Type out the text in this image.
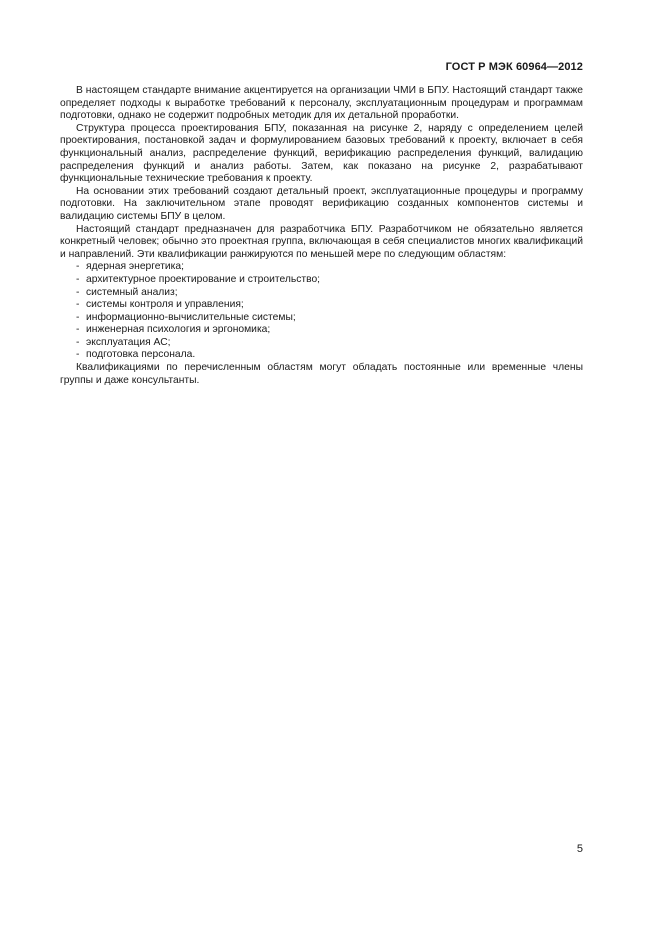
ГОСТ Р МЭК 60964—2012

В настоящем стандарте внимание акцентируется на организации ЧМИ в БПУ. Настоящий стандарт также определяет подходы к выработке требований к персоналу, эксплуатационным процедурам и программам подготовки, однако не содержит подробных методик для их детальной проработки.

Структура процесса проектирования БПУ, показанная на рисунке 2, наряду с определением целей проектирования, постановкой задач и формулированием базовых требований к проекту, включает в себя функциональный анализ, распределение функций, верификацию распределения функций, валидацию распределения функций и анализ работы. Затем, как показано на рисунке 2, разрабатывают функциональные технические требования к проекту.

На основании этих требований создают детальный проект, эксплуатационные процедуры и программу подготовки. На заключительном этапе проводят верификацию созданных компонентов системы и валидацию системы БПУ в целом.

Настоящий стандарт предназначен для разработчика БПУ. Разработчиком не обязательно является конкретный человек; обычно это проектная группа, включающая в себя специалистов многих квалификаций и направлений. Эти квалификации ранжируются по меньшей мере по следующим областям:

- ядерная энергетика;
- архитектурное проектирование и строительство;
- системный анализ;
- системы контроля и управления;
- информационно-вычислительные системы;
- инженерная психология и эргономика;
- эксплуатация АС;
- подготовка персонала.

Квалификациями по перечисленным областям могут обладать постоянные или временные члены группы и даже консультанты.

5
